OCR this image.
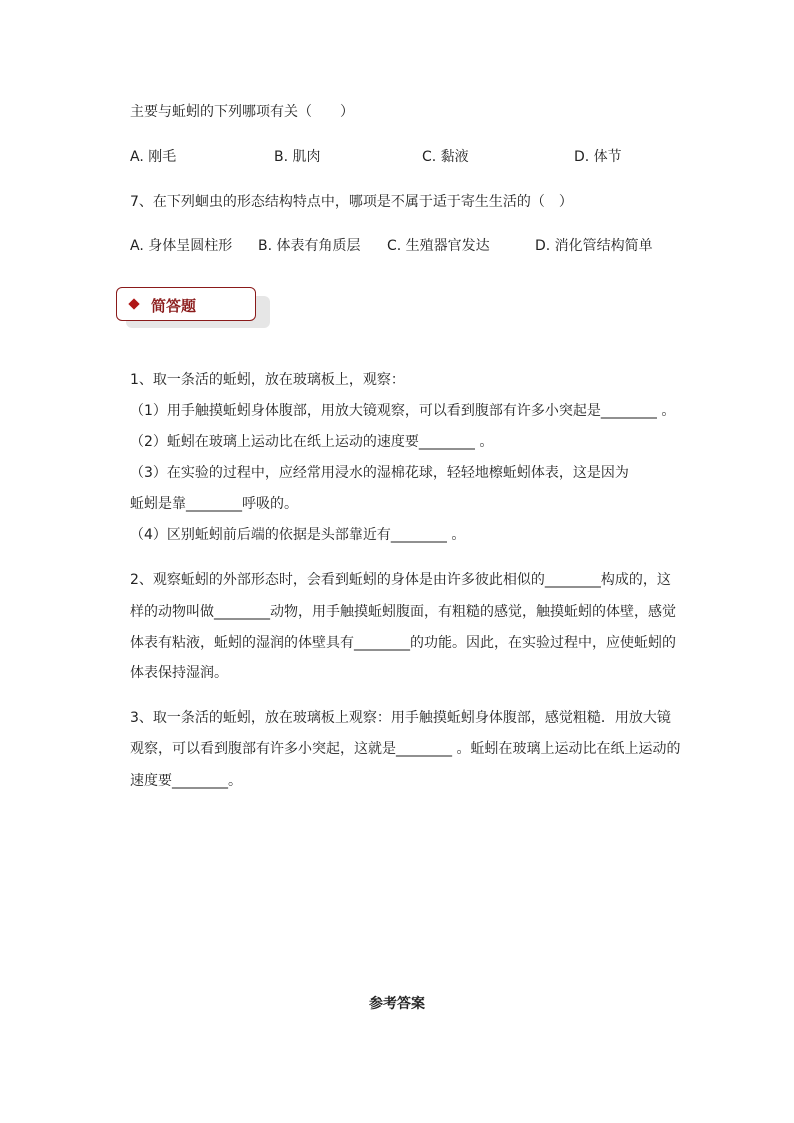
主要与蚯蚓的下列哪项有关（　　）
A. 刚毛	B. 肌肉	C. 黏液	D. 体节
7、在下列蛔虫的形态结构特点中，哪项是不属于适于寄生生活的（　）
A. 身体呈圆柱形 B. 体表有角质层 C. 生殖器官发达	D. 消化管结构简单
简答题
1、取一条活的蚯蚓，放在玻璃板上，观察：
（1）用手触摸蚯蚓身体腹部，用放大镜观察，可以看到腹部有许多小突起是________ 。
（2）蚯蚓在玻璃上运动比在纸上运动的速度要________ 。
（3）在实验的过程中，应经常用浸水的湿棉花球，轻轻地檫蚯蚓体表，这是因为
蚯蚓是靠________呼吸的。
（4）区别蚯蚓前后端的依据是头部靠近有________ 。
2、观察蚯蚓的外部形态时，会看到蚯蚓的身体是由许多彼此相似的________构成的，这
样的动物叫做________动物，用手触摸蚯蚓腹面，有粗糙的感觉，触摸蚯蚓的体壁，感觉
体表有粘液，蚯蚓的湿润的体壁具有________的功能。因此，在实验过程中，应使蚯蚓的
体表保持湿润。
3、取一条活的蚯蚓，放在玻璃板上观察：用手触摸蚯蚓身体腹部，感觉粗糙．用放大镜
观察，可以看到腹部有许多小突起，这就是________ 。蚯蚓在玻璃上运动比在纸上运动的
速度要________。
参考答案
